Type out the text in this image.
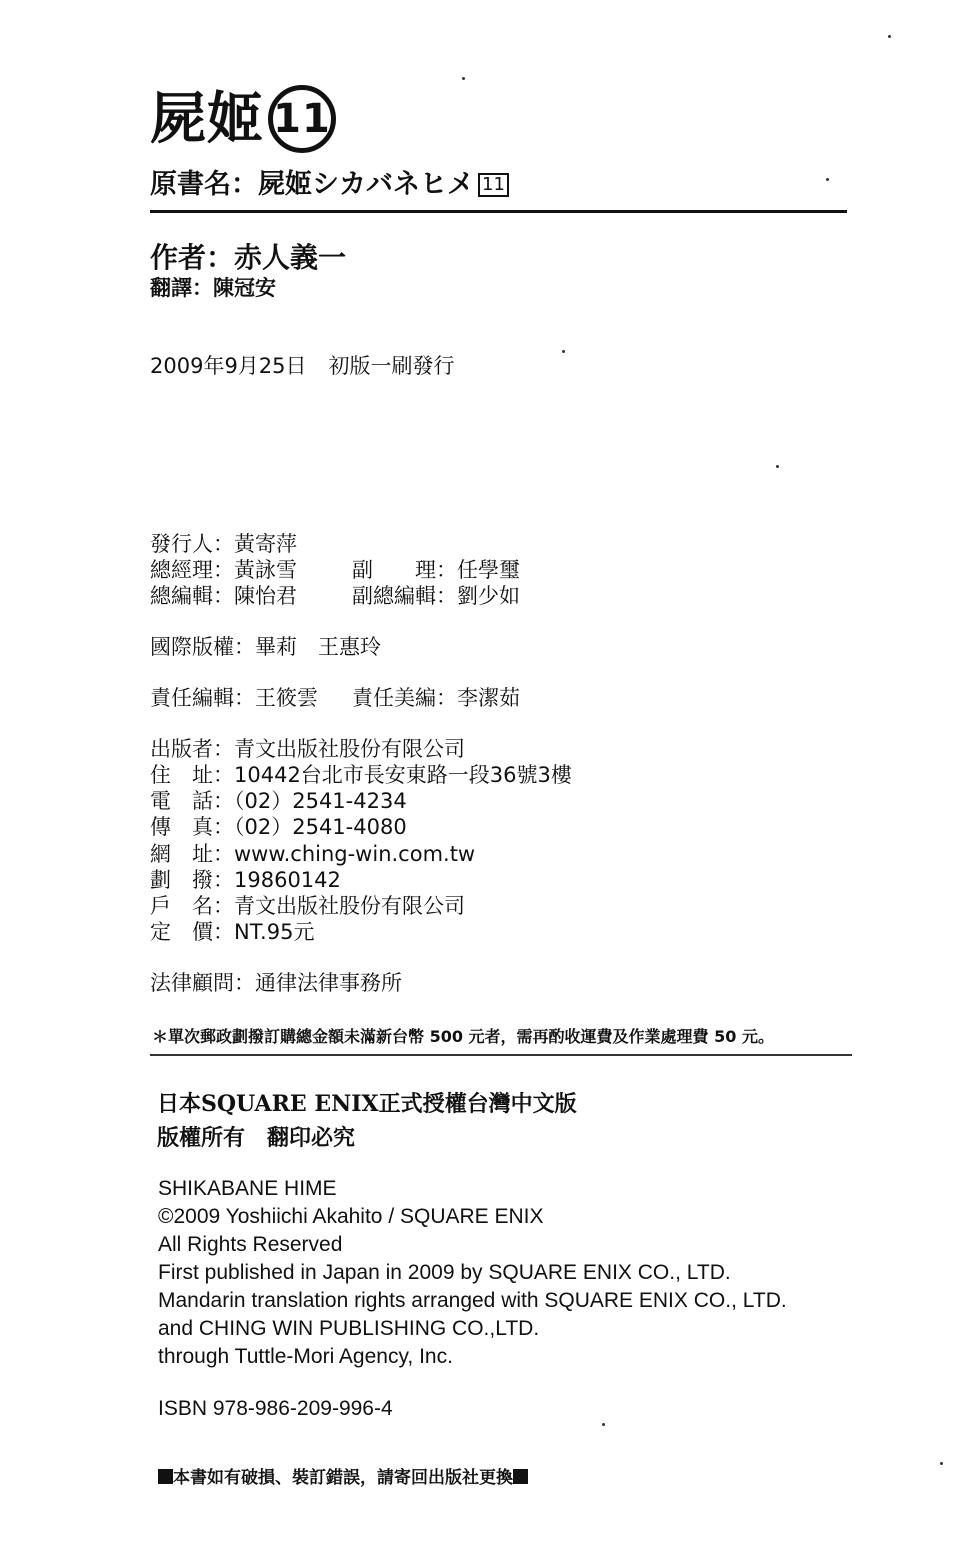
屍姬 11
原書名：屍姬シカバネヒメ 11
作者：赤人義一
翻譯：陳冠安
2009年9月25日 初版一刷發行
發行人：黃寄萍
總經理：黃詠雪	副　　理：任學璽
總編輯：陳怡君	副總編輯：劉少如
國際版權：畢莉　王惠玲
責任編輯：王筱雲 責任美編：李潔茹
出版者：青文出版社股份有限公司
住　址：10442台北市長安東路一段36號3樓
電　話：（02）2541-4234
傳　真：（02）2541-4080
網　址：www.ching-win.com.tw
劃　撥：19860142
戶　名：青文出版社股份有限公司
定　價：NT.95元
法律顧問：通律法律事務所
＊單次郵政劃撥訂購總金額未滿新台幣 500 元者，需再酌收運費及作業處理費 50 元。
日本SQUARE ENIX正式授權台灣中文版
版權所有　翻印必究
SHIKABANE HIME
©2009 Yoshiichi Akahito / SQUARE ENIX
All Rights Reserved
First published in Japan in 2009 by SQUARE ENIX CO., LTD.
Mandarin translation rights arranged with SQUARE ENIX CO., LTD.
and CHING WIN PUBLISHING CO.,LTD.
through Tuttle-Mori Agency, Inc.
ISBN 978-986-209-996-4
本書如有破損、裝訂錯誤，請寄回出版社更換
